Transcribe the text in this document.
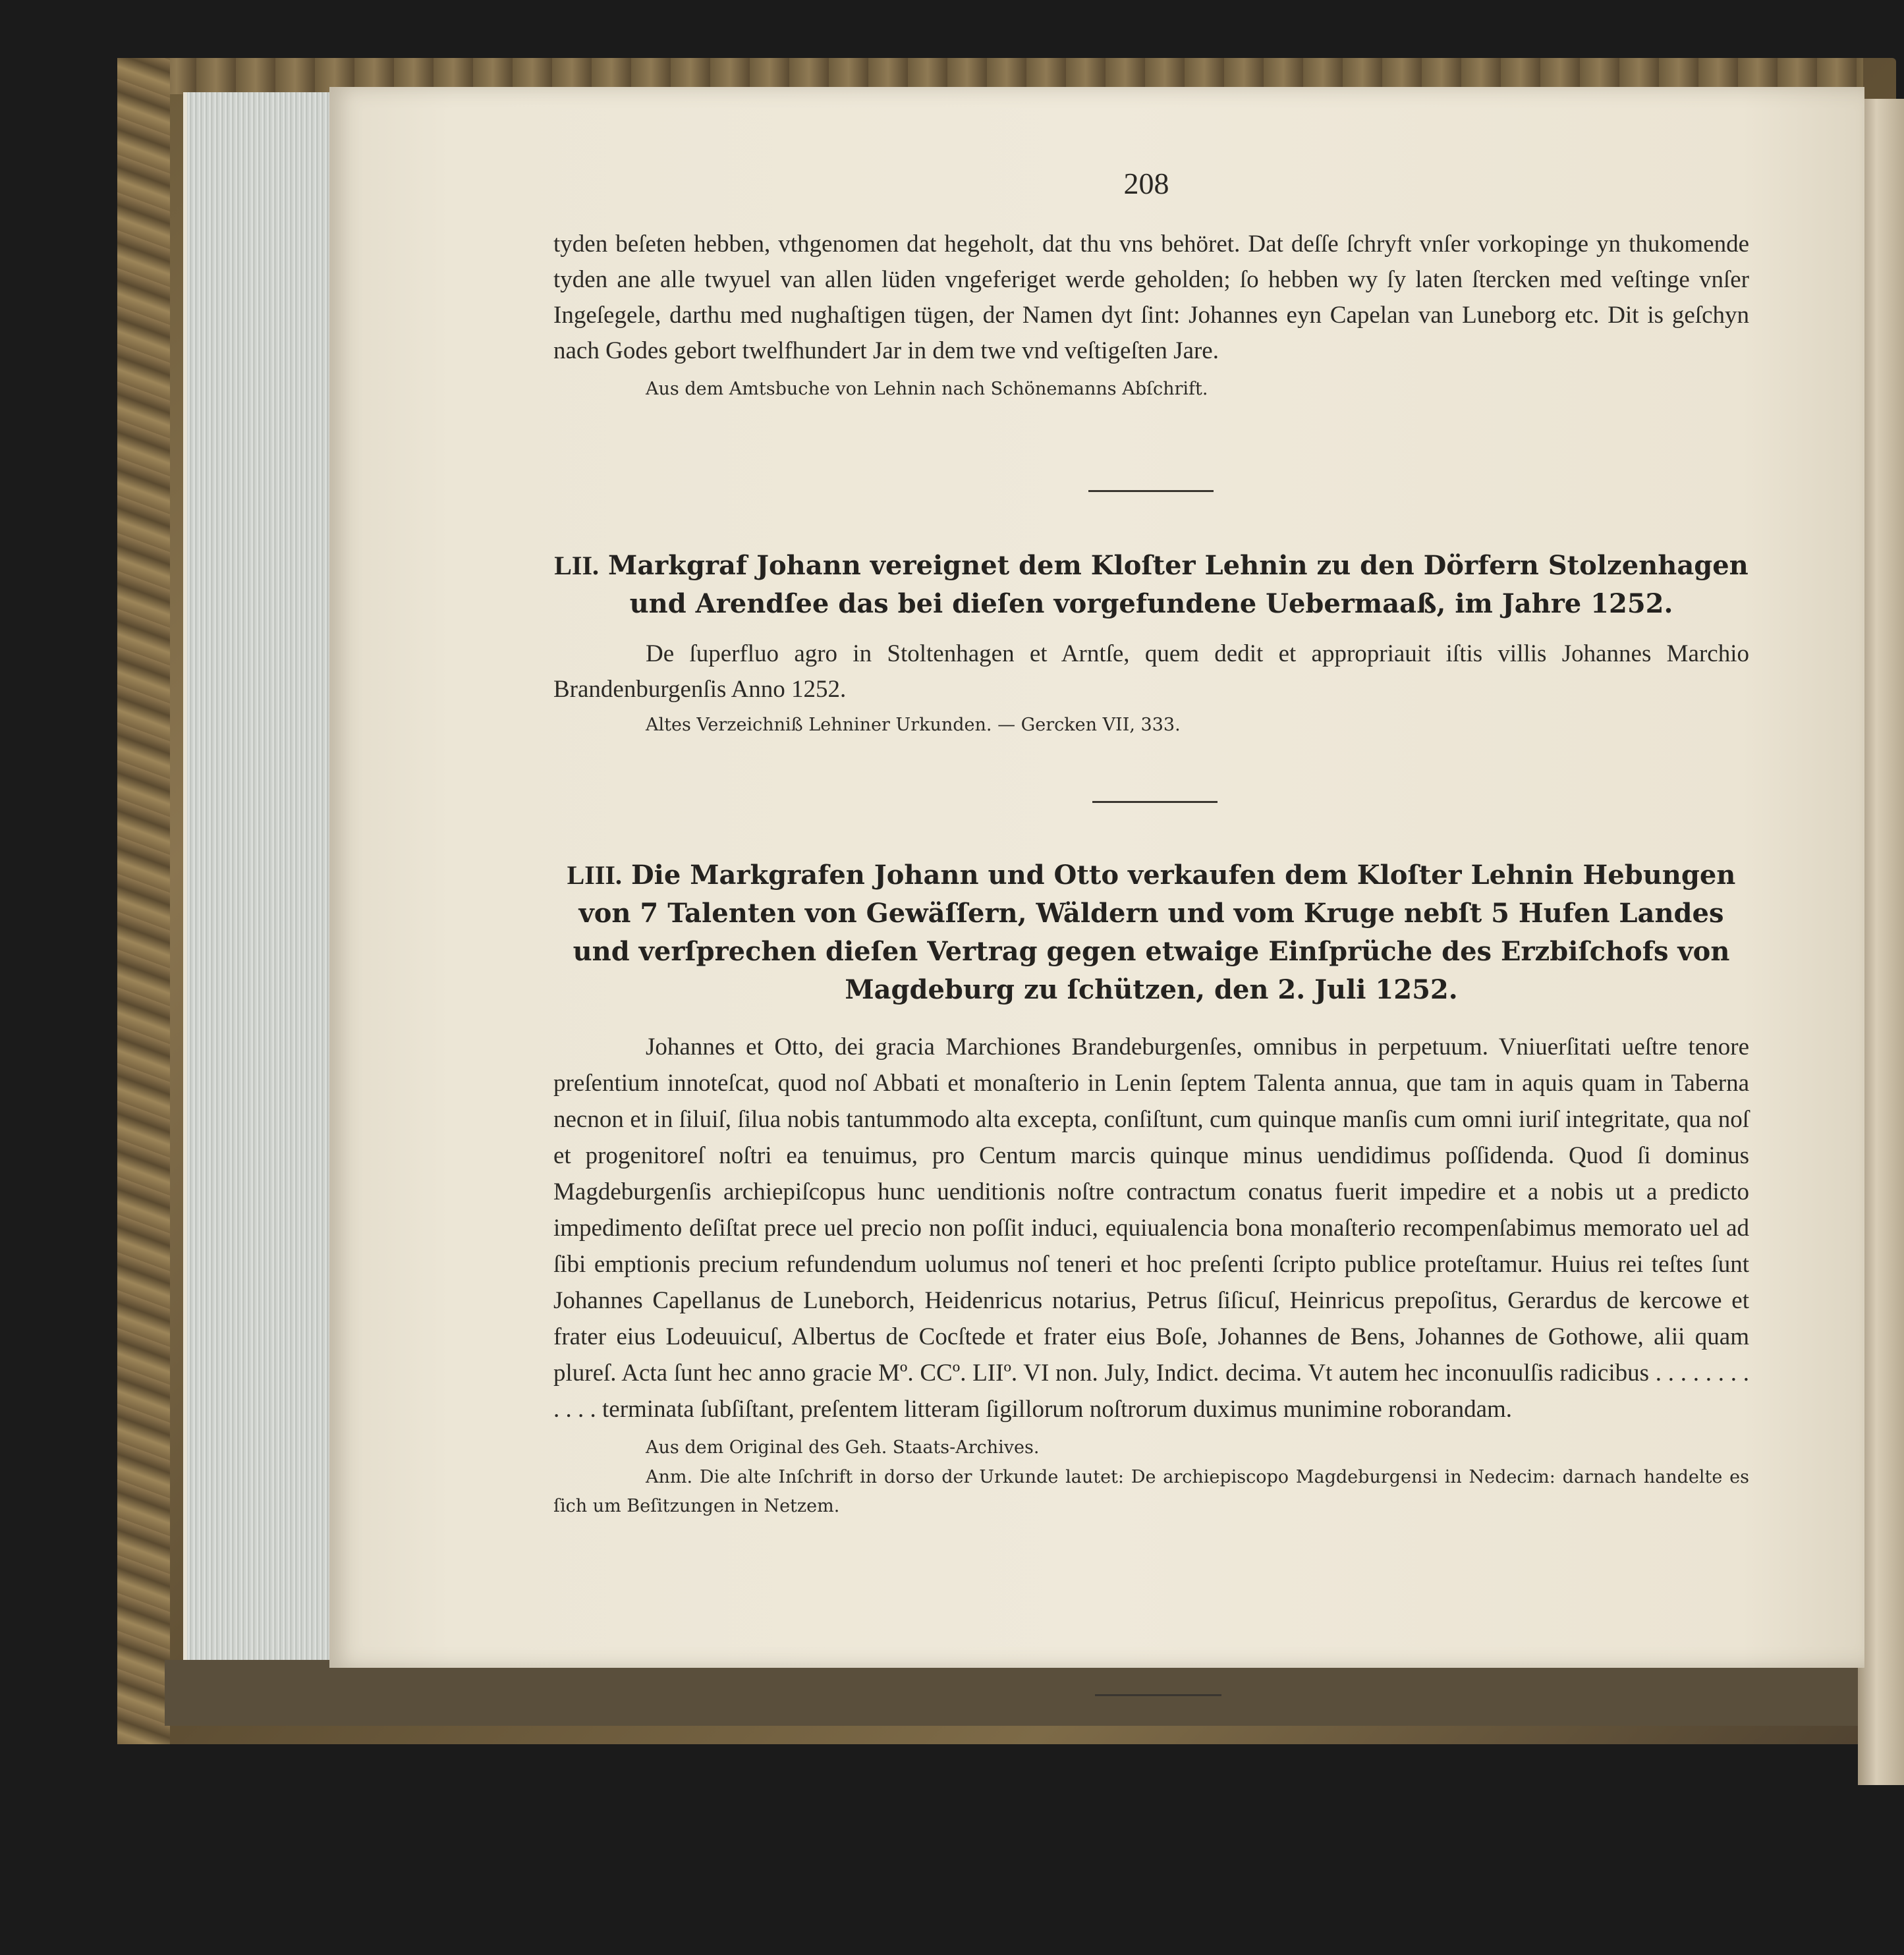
208
tyden beſeten hebben, vthgenomen dat hegeholt, dat thu vns behöret. Dat deſſe ſchryft vnſer vorkopinge yn thukomende tyden ane alle twyuel van allen lüden vngeferiget werde geholden; ſo hebben wy ſy laten ſtercken med veſtinge vnſer Ingeſegele, darthu med nughaſtigen tügen, der Namen dyt ſint: Johannes eyn Capelan van Luneborg etc. Dit is geſchyn nach Godes gebort twelfhundert Jar in dem twe vnd veſtigeſten Jare.
Aus dem Amtsbuche von Lehnin nach Schönemanns Abſchrift.
LII. Markgraf Johann vereignet dem Kloſter Lehnin zu den Dörfern Stolzenhagen und Arendſee das bei dieſen vorgefundene Uebermaaß, im Jahre 1252.
De ſuperfluo agro in Stoltenhagen et Arntſe, quem dedit et appropriauit iſtis villis Johannes Marchio Brandenburgenſis Anno 1252.
Altes Verzeichniß Lehniner Urkunden. — Gercken VII, 333.
LIII. Die Markgrafen Johann und Otto verkaufen dem Kloſter Lehnin Hebungen von 7 Talenten von Gewäſſern, Wäldern und vom Kruge nebſt 5 Hufen Landes und verſprechen dieſen Vertrag gegen etwaige Einſprüche des Erzbiſchofs von Magdeburg zu ſchützen, den 2. Juli 1252.
Johannes et Otto, dei gracia Marchiones Brandeburgenſes, omnibus in perpetuum. Vniuerſitati ueſtre tenore preſentium innoteſcat, quod noſ Abbati et monaſterio in Lenin ſeptem Talenta annua, que tam in aquis quam in Taberna necnon et in ſiluiſ, ſilua nobis tantummodo alta excepta, conſiſtunt, cum quinque manſis cum omni iuriſ integritate, qua noſ et progenitoreſ noſtri ea tenuimus, pro Centum marcis quinque minus uendidimus poſſidenda. Quod ſi dominus Magdeburgenſis archiepiſcopus hunc uenditionis noſtre contractum conatus fuerit impedire et a nobis ut a predicto impedimento deſiſtat prece uel precio non poſſit induci, equiualencia bona monaſterio recompenſabimus memorato uel ad ſibi emptionis precium refundendum uolumus noſ teneri et hoc preſenti ſcripto publice proteſtamur. Huius rei teſtes ſunt Johannes Capellanus de Luneborch, Heidenricus notarius, Petrus ſiſicuſ, Heinricus prepoſitus, Gerardus de kercowe et frater eius Lodeuuicuſ, Albertus de Cocſtede et frater eius Boſe, Johannes de Bens, Johannes de Gothowe, alii quam plureſ. Acta ſunt hec anno gracie Mº. CCº. LIIº. VI non. July, Indict. decima. Vt autem hec inconuulſis radicibus . . . . . . . . . . . . terminata ſubſiſtant, preſentem litteram ſigillorum noſtrorum duximus munimine roborandam.
Aus dem Original des Geh. Staats-Archives.
Anm. Die alte Inſchrift in dorso der Urkunde lautet: De archiepiscopo Magdeburgensi in Nedecim: darnach handelte es ſich um Beſitzungen in Netzem.
